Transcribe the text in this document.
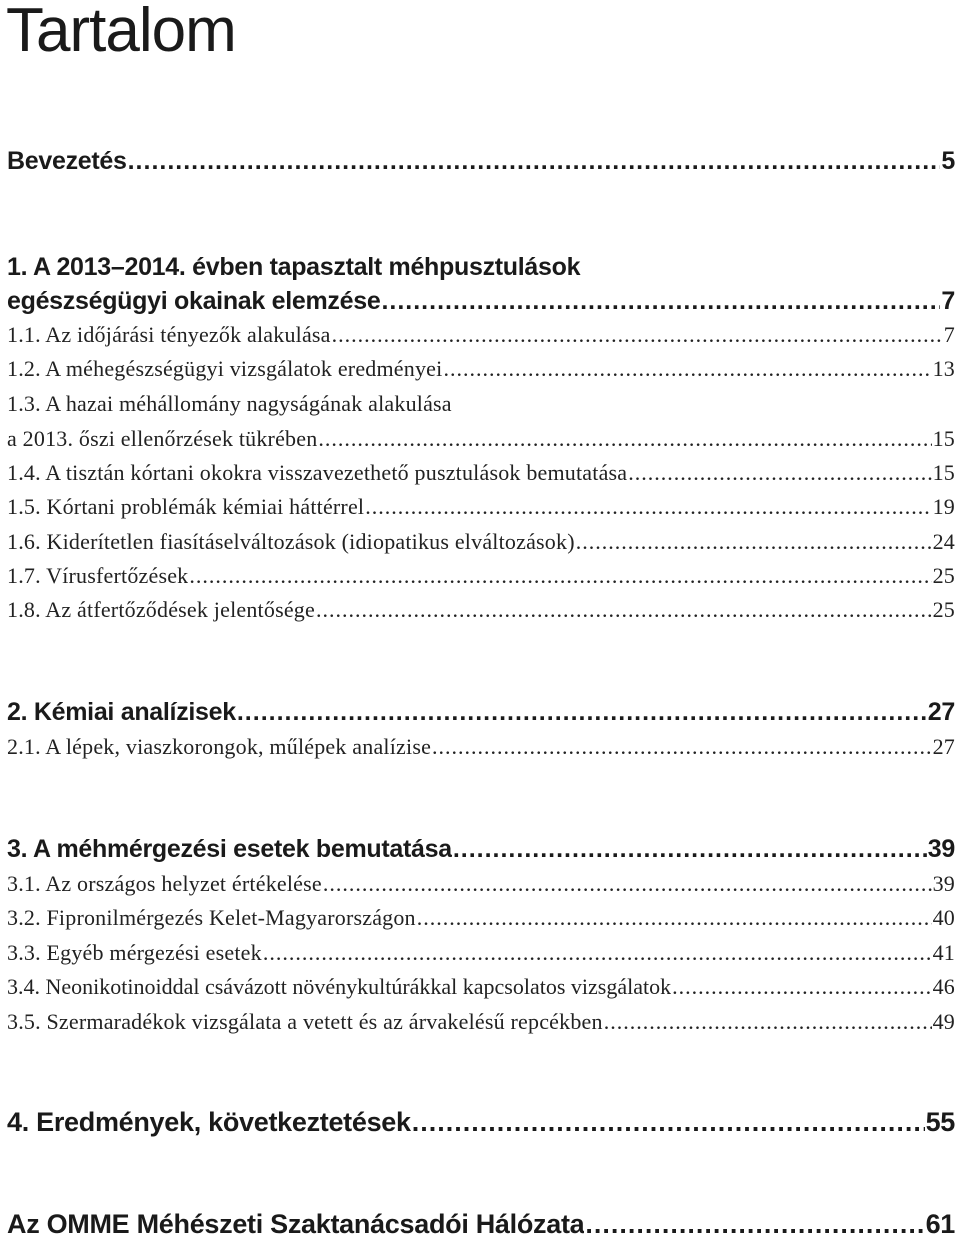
Tartalom
Bevezetés .....	5
1. A 2013–2014. évben tapasztalt méhpusztulások
egészségügyi okainak elemzése .....	7
1.1. Az időjárási tényezők alakulása .....	7
1.2. A méhegészségügyi vizsgálatok eredményei .....	13
1.3. A hazai méhállomány nagyságának alakulása
a 2013. őszi ellenőrzések tükrében .....	15
1.4. A tisztán kórtani okokra visszavezethető pusztulások bemutatása .....	15
1.5. Kórtani problémák kémiai háttérrel .....	19
1.6. Kiderítetlen fiasításelváltozások (idiopatikus elváltozások) .....	24
1.7. Vírusfertőzések .....	25
1.8. Az átfertőződések jelentősége .....	25
2. Kémiai analízisek .....	27
2.1. A lépek, viaszkorongok, műlépek analízise .....	27
3. A méhmérgezési esetek bemutatása .....	39
3.1. Az országos helyzet értékelése .....	39
3.2. Fipronilmérgezés Kelet-Magyarországon .....	40
3.3. Egyéb mérgezési esetek .....	41
3.4. Neonikotinoiddal csávázott növénykultúrákkal kapcsolatos vizsgálatok .....	46
3.5. Szermaradékok vizsgálata a vetett és az árvakelésű repcékben .....	49
4. Eredmények, következtetések .....	55
Az OMME Méhészeti Szaktanácsadói Hálózata .....	61
